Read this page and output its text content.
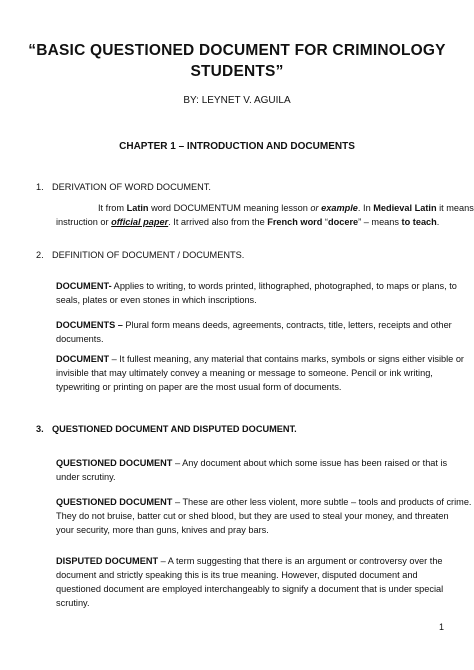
“BASIC QUESTIONED DOCUMENT FOR CRIMINOLOGY
STUDENTS”
BY: LEYNET V. AGUILA
CHAPTER 1 – INTRODUCTION AND DOCUMENTS
1. DERIVATION OF WORD DOCUMENT.
It from Latin word DOCUMENTUM meaning lesson or example. In Medieval Latin it means
instruction or official paper. It arrived also from the French word “docere” – means to teach.
2. DEFINITION OF DOCUMENT / DOCUMENTS.
DOCUMENT- Applies to writing, to words printed, lithographed, photographed, to maps or plans, to
seals, plates or even stones in which inscriptions.
DOCUMENTS – Plural form means deeds, agreements, contracts, title, letters, receipts and other
documents.
DOCUMENT – It fullest meaning, any material that contains marks, symbols or signs either visible or
invisible that may ultimately convey a meaning or message to someone. Pencil or ink writing,
typewriting or printing on paper are the most usual form of documents.
3. QUESTIONED DOCUMENT AND DISPUTED DOCUMENT.
QUESTIONED DOCUMENT – Any document about which some issue has been raised or that is
under scrutiny.
QUESTIONED DOCUMENT – These are other less violent, more subtle – tools and products of crime.
They do not bruise, batter cut or shed blood, but they are used to steal your money, and threaten
your security, more than guns, knives and pray bars.
DISPUTED DOCUMENT – A term suggesting that there is an argument or controversy over the
document and strictly speaking this is its true meaning. However, disputed document and
questioned document are employed interchangeably to signify a document that is under special
scrutiny.
1
